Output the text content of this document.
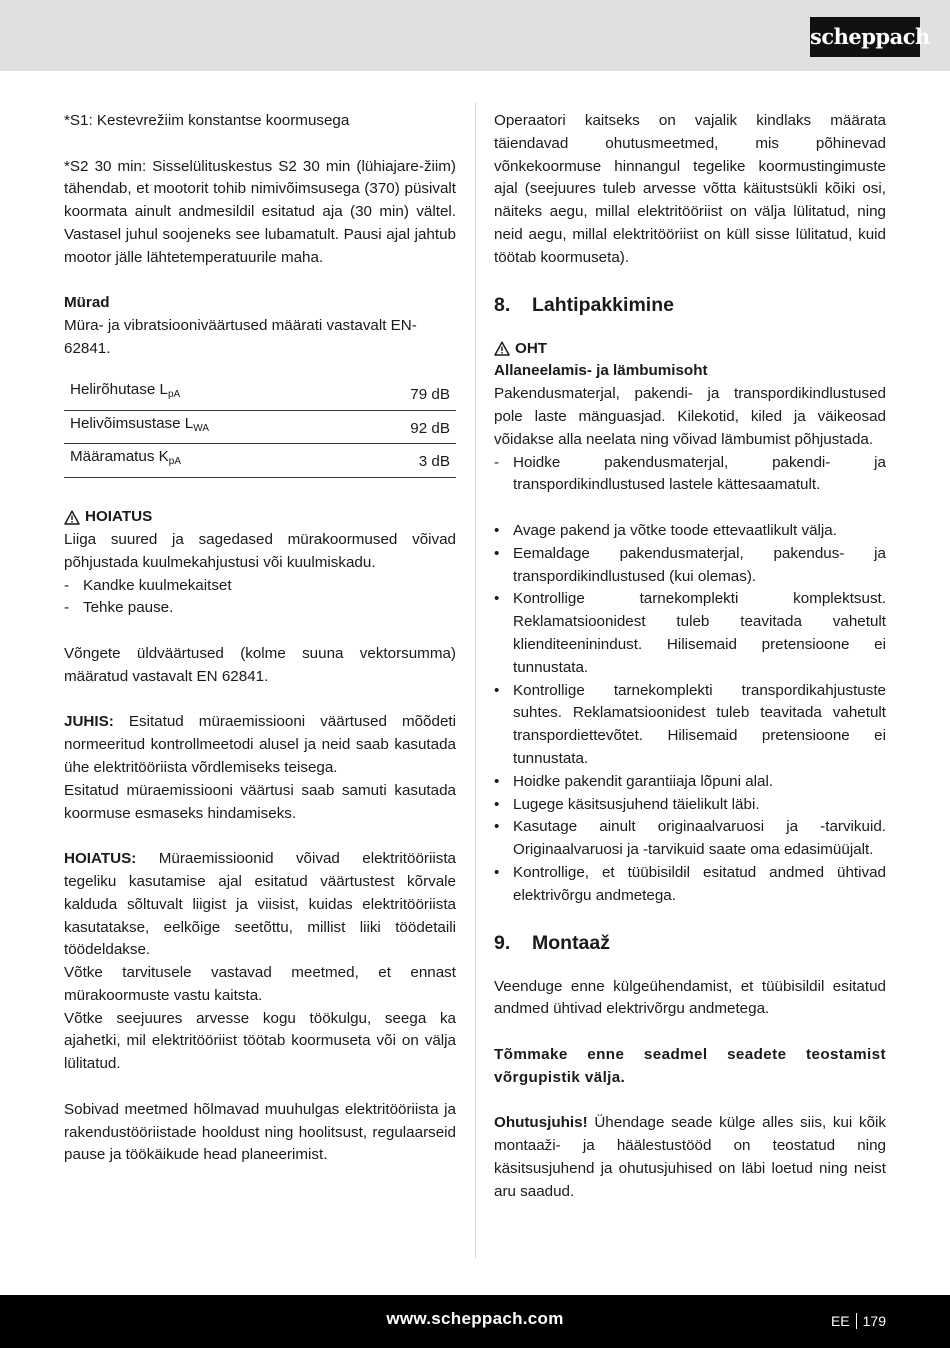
scheppach

*S1: Kestevrežiim konstantse koormusega

*S2 30 min: Sisselülituskestus S2 30 min (lühiajare-žiim) tähendab, et mootorit tohib nimivõimsusega (370) püsivalt koormata ainult andmesildil esitatud aja (30 min) vältel. Vastasel juhul soojeneks see lubamatult. Pausi ajal jahtub mootor jälle lähtetemperatuurile maha.

Mürad

Müra- ja vibratsiooniväärtused määrati vastavalt EN-62841.

Helirõhutase $L_{pA}$	79 dB
Helivõimsustase $L_{WA}$	92 dB
Määramatus $K_{pA}$	3 dB
HOIATUS

Liiga suured ja sagedased mürakoormused võivad põhjustada kuulmekahjustusi või kuulmiskadu.

- Kandke kuulmekaitset
- Tehke pause.

Võngete üldväärtused (kolme suuna vektorsumma) määratud vastavalt EN 62841.

JUHIS: Esitatud müraemissiooni väärtused mõõdeti normeeritud kontrollmeetodi alusel ja neid saab kasutada ühe elektritööriista võrdlemiseks teisega.

Esitatud müraemissiooni väärtusi saab samuti kasutada koormuse esmaseks hindamiseks.

HOIATUS: Müraemissioonid võivad elektritööriista tegeliku kasutamise ajal esitatud väärtustest kõrvale kalduda sõltuvalt liigist ja viisist, kuidas elektritööriista kasutatakse, eelkõige seetõttu, millist liiki töödetaili töödeldakse.

Võtke tarvitusele vastavad meetmed, et ennast mürakoormuste vastu kaitsta.

Võtke seejuures arvesse kogu töökulgu, seega ka ajahetki, mil elektritööriist töötab koormuseta või on välja lülitatud.

Sobivad meetmed hõlmavad muuhulgas elektritööriista ja rakendustööriistade hooldust ning hoolitsust, regulaarseid pause ja töökäikude head planeerimist.

Operaatori kaitseks on vajalik kindlaks määrata täiendavad ohutusmeetmed, mis põhinevad võnkekoormuse hinnangul tegelike koormustingimuste ajal (seejuures tuleb arvesse võtta käitustsükli kõiki osi, näiteks aegu, millal elektritööriist on välja lülitatud, ning neid aegu, millal elektritööriist on küll sisse lülitatud, kuid töötab koormuseta).

8.	Lahtipakkimine
OHT

Allaneelamis- ja lämbumisoht

Pakendusmaterjal, pakendi- ja transpordikindlustused pole laste mänguasjad. Kilekotid, kiled ja väikeosad võidakse alla neelata ning võivad lämbumist põhjustada.

- Hoidke pakendusmaterjal, pakendi- ja transpordikindlustused lastele kättesaamatult.
• Avage pakend ja võtke toode ettevaatlikult välja.
• Eemaldage pakendusmaterjal, pakendus- ja transpordikindlustused (kui olemas).
• Kontrollige tarnekomplekti komplektsust. Reklamatsioonidest tuleb teavitada vahetult klienditeeninindust. Hilisemaid pretensioone ei tunnustata.
• Kontrollige tarnekomplekti transpordikahjustuste suhtes. Reklamatsioonidest tuleb teavitada vahetult transpordiettevõtet. Hilisemaid pretensioone ei tunnustata.
• Hoidke pakendit garantiiaja lõpuni alal.
• Lugege käsitsusjuhend täielikult läbi.
• Kasutage ainult originaalvaruosi ja -tarvikuid. Originaalvaruosi ja -tarvikuid saate oma edasimüüjalt.
• Kontrollige, et tüübisildil esitatud andmed ühtivad elektrivõrgu andmetega.
9.	Montaaž

Veenduge enne külgeühendamist, et tüübisildil esitatud andmed ühtivad elektrivõrgu andmetega.

Tõmmake enne seadmel seadete teostamist võrgupistik välja.

Ohutusjuhis! Ühendage seade külge alles siis, kui kõik montaaži- ja häälestustööd on teostatud ning käsitsusjuhend ja ohutusjuhised on läbi loetud ning neist aru saadud.

www.scheppach.com	EE 179
